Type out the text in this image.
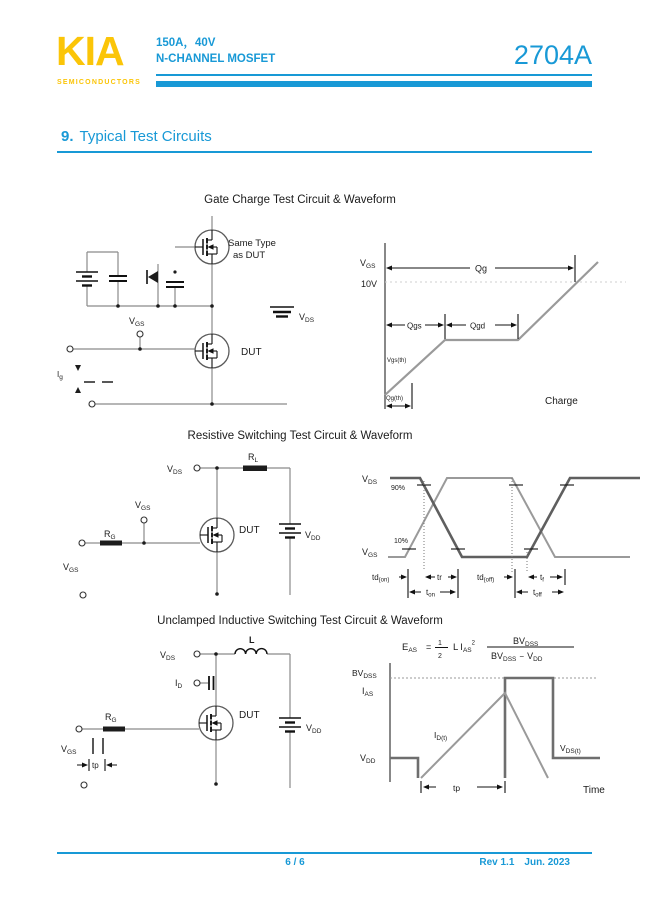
KIA
SEMICONDUCTORS
150A，40V
N-CHANNEL MOSFET	2704A
9. Typical Test Circuits
Gate Charge Test Circuit & Waveform
Same Type
as DUT
$V_{GS}$
$V_{DS}$
DUT
$I_g$
$V_{GS}$
10V
Qg
Qgs	Qgd
Vgs(th)
Qg(th)	Charge
Resistive Switching Test Circuit & Waveform
$V_{DS}$
$R_L$
$V_{GS}$
$R_G$
DUT	$V_{DD}$
$V_{GS}$
$V_{DS}$
$V_{GS}$
90%
10%
td(on)	tr	td(off)	tf
ton	toff
Unclamped Inductive Switching Test Circuit & Waveform
$V_{DS}$
L
$I_D$
$R_G$	DUT
$V_{DD}$
$V_{GS}$
tp
$E_{AS} = 1$
2
L $I_{AS}^2$	$BV_{DSS}$
$BV_{DSS} - V_{DD}$
$BV_{DSS}$
$I_{AS}$
$V_{DD}$
$I_{D(t)}$
$V_{DS(t)}$
tp	Time
6 / 6	Rev 1.1 Jun. 2023
